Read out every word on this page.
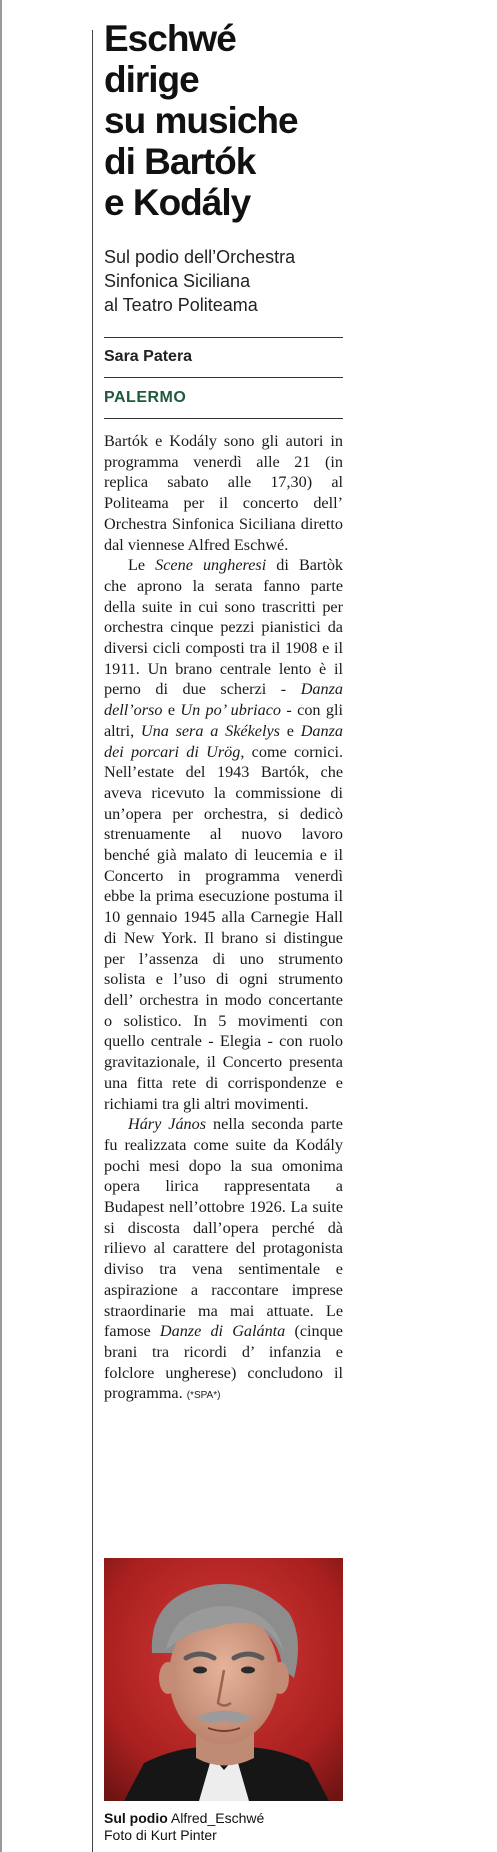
Eschwé
dirige
su musiche
di Bartók
e Kodály
Sul podio dell’Orchestra
Sinfonica Siciliana
al Teatro Politeama
Sara Patera
PALERMO

Bartók e Kodály sono gli autori in programma venerdì alle 21 (in replica sabato alle 17,30) al Politeama per il concerto dell’ Orchestra Sinfonica Siciliana diretto dal viennese Alfred Eschwé.

Le Scene ungheresi di Bartòk che aprono la serata fanno parte della suite in cui sono trascritti per orchestra cinque pezzi pianistici da diversi cicli composti tra il 1908 e il 1911. Un brano centrale lento è il perno di due scherzi - Danza dell’orso e Un po’ ubriaco - con gli altri, Una sera a Skékelys e Danza dei porcari di Urög, come cornici. Nell’estate del 1943 Bartók, che aveva ricevuto la commissione di un’opera per orchestra, si dedicò strenuamente al nuovo lavoro benché già malato di leucemia e il Concerto in programma venerdì ebbe la prima esecuzione postuma il 10 gennaio 1945 alla Carnegie Hall di New York. Il brano si distingue per l’assenza di uno strumento solista e l’uso di ogni strumento dell’ orchestra in modo concertante o solistico. In 5 movimenti con quello centrale - Elegia - con ruolo gravitazionale, il Concerto presenta una fitta rete di corrispondenze e richiami tra gli altri movimenti.

Háry János nella seconda parte fu realizzata come suite da Kodály pochi mesi dopo la sua omonima opera lirica rappresentata a Budapest nell’ottobre 1926. La suite si discosta dall’opera perché dà rilievo al carattere del protagonista diviso tra vena sentimentale e aspirazione a raccontare imprese straordinarie ma mai attuate. Le famose Danze di Galánta (cinque brani tra ricordi d’ infanzia e folclore ungherese) concludono il programma. (*SPA*)

Sul podio Alfred_Eschwé
Foto di Kurt Pinter
